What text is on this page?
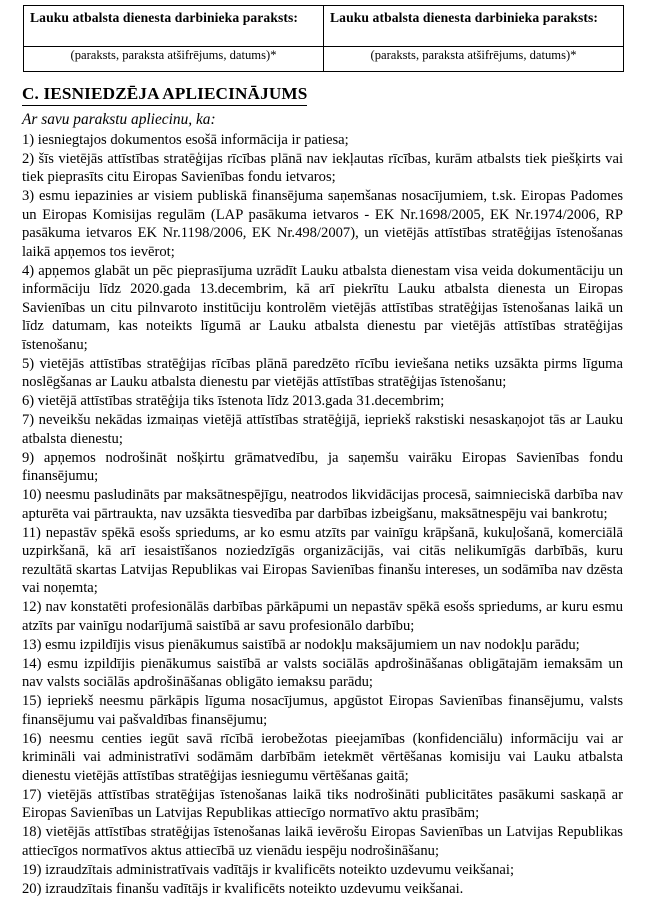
Lauku atbalsta dienesta darbinieka paraksts:	Lauku atbalsta dienesta darbinieka paraksts:
(paraksts, paraksta atšifrējums, datums)*	(paraksts, paraksta atšifrējums, datums)*
C. IESNIEDZĒJA APLIECINĀJUMS
Ar savu parakstu apliecinu, ka:
1) iesniegtajos dokumentos esošā informācija ir patiesa;
2) šīs vietējās attīstības stratēģijas rīcības plānā nav iekļautas rīcības, kurām atbalsts tiek piešķirts vai tiek pieprasīts citu Eiropas Savienības fondu ietvaros;
3) esmu iepazinies ar visiem publiskā finansējuma saņemšanas nosacījumiem, t.sk. Eiropas Padomes un Eiropas Komisijas regulām (LAP pasākuma ietvaros - EK Nr.1698/2005, EK Nr.1974/2006, RP pasākuma ietvaros EK Nr.1198/2006, EK Nr.498/2007), un vietējās attīstības stratēģijas īstenošanas laikā apņemos tos ievērot;
4) apņemos glabāt un pēc pieprasījuma uzrādīt Lauku atbalsta dienestam visa veida dokumentāciju un informāciju līdz 2020.gada 13.decembrim, kā arī piekrītu Lauku atbalsta dienesta un Eiropas Savienības un citu pilnvaroto institūciju kontrolēm vietējās attīstības stratēģijas īstenošanas laikā un līdz datumam, kas noteikts līgumā ar Lauku atbalsta dienestu par vietējās attīstības stratēģijas īstenošanu;
5) vietējās attīstības stratēģijas rīcības plānā paredzēto rīcību ieviešana netiks uzsākta pirms līguma noslēgšanas ar Lauku atbalsta dienestu par vietējās attīstības stratēģijas īstenošanu;
6) vietējā attīstības stratēģija tiks īstenota līdz 2013.gada 31.decembrim;
7) neveikšu nekādas izmaiņas vietējā attīstības stratēģijā, iepriekš rakstiski nesaskaņojot tās ar Lauku atbalsta dienestu;
9) apņemos nodrošināt nošķirtu grāmatvedību, ja saņemšu vairāku Eiropas Savienības fondu finansējumu;
10) neesmu pasludināts par maksātnespējīgu, neatrodos likvidācijas procesā, saimnieciskā darbība nav apturēta vai pārtraukta, nav uzsākta tiesvedība par darbības izbeigšanu, maksātnespēju vai bankrotu;
11) nepastāv spēkā esošs spriedums, ar ko esmu atzīts par vainīgu krāpšanā, kukuļošanā, komerciālā uzpirkšanā, kā arī iesaistīšanos noziedzīgās organizācijās, vai citās nelikumīgās darbībās, kuru rezultātā skartas Latvijas Republikas vai Eiropas Savienības finanšu intereses, un sodāmība nav dzēsta vai noņemta;
12) nav konstatēti profesionālās darbības pārkāpumi un nepastāv spēkā esošs spriedums, ar kuru esmu atzīts par vainīgu nodarījumā saistībā ar savu profesionālo darbību;
13) esmu izpildījis visus pienākumus saistībā ar nodokļu maksājumiem un nav nodokļu parādu;
14) esmu izpildījis pienākumus saistībā ar valsts sociālās apdrošināšanas obligātajām iemaksām un nav valsts sociālās apdrošināšanas obligāto iemaksu parādu;
15) iepriekš neesmu pārkāpis līguma nosacījumus, apgūstot Eiropas Savienības finansējumu, valsts finansējumu vai pašvaldības finansējumu;
16) neesmu centies iegūt savā rīcībā ierobežotas pieejamības (konfidenciālu) informāciju vai ar krimināli vai administratīvi sodāmām darbībām ietekmēt vērtēšanas komisiju vai Lauku atbalsta dienestu vietējās attīstības stratēģijas iesniegumu vērtēšanas gaitā;
17) vietējās attīstības stratēģijas īstenošanas laikā tiks nodrošināti publicitātes pasākumi saskaņā ar Eiropas Savienības un Latvijas Republikas attiecīgo normatīvo aktu prasībām;
18) vietējās attīstības stratēģijas īstenošanas laikā ievērošu Eiropas Savienības un Latvijas Republikas attiecīgos normatīvos aktus attiecībā uz vienādu iespēju nodrošināšanu;
19) izraudzītais administratīvais vadītājs ir kvalificēts noteikto uzdevumu veikšanai;
20) izraudzītais finanšu vadītājs ir kvalificēts noteikto uzdevumu veikšanai.
